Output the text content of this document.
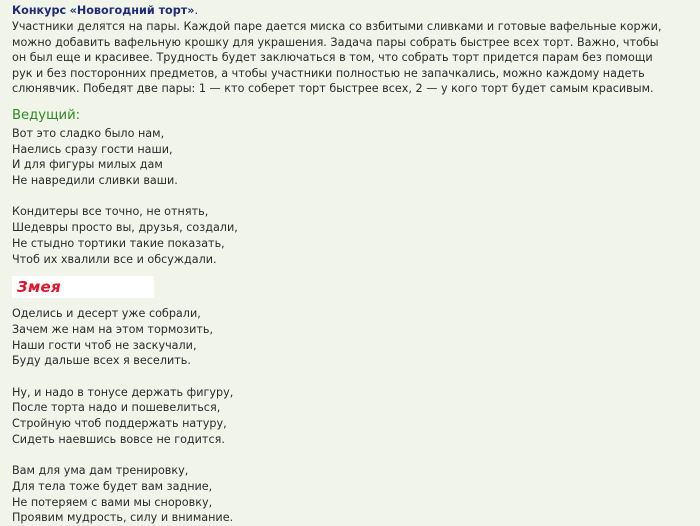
Конкурс «Новогодний торт».

Участники делятся на пары. Каждой паре дается миска со взбитыми сливками и готовые вафельные коржи,
можно добавить вафельную крошку для украшения. Задача пары собрать быстрее всех торт. Важно, чтобы
он был еще и красивее. Трудность будет заключаться в том, что собрать торт придется парам без помощи
рук и без посторонних предметов, а чтобы участники полностью не запачкались, можно каждому надеть
слюнявчик. Победят две пары: 1 — кто соберет торт быстрее всех, 2 — у кого торт будет самым красивым.

Ведущий:

Вот это сладко было нам,
Наелись сразу гости наши,
И для фигуры милых дам
Не навредили сливки ваши.

Кондитеры все точно, не отнять,
Шедевры просто вы, друзья, создали,
Не стыдно тортики такие показать,
Чтоб их хвалили все и обсуждали.

Змея

Оделись и десерт уже собрали,
Зачем же нам на этом тормозить,
Наши гости чтоб не заскучали,
Буду дальше всех я веселить.

Ну, и надо в тонусе держать фигуру,
После торта надо и пошевелиться,
Стройную чтоб поддержать натуру,
Сидеть наевшись вовсе не годится.

Вам для ума дам тренировку,
Для тела тоже будет вам задние,
Не потеряем с вами мы сноровку,
Проявим мудрость, силу и внимание.
